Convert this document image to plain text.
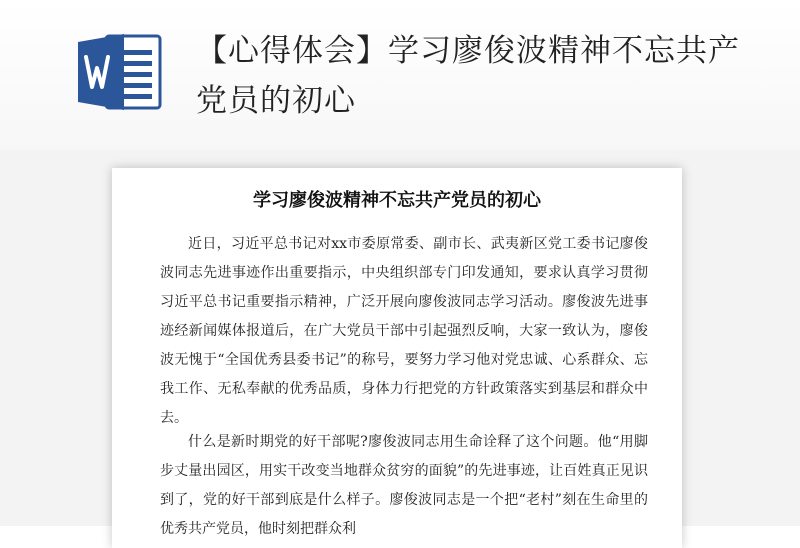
【心得体会】学习廖俊波精神不忘共产党员的初心
学习廖俊波精神不忘共产党员的初心

近日，习近平总书记对xx市委原常委、副市长、武夷新区党工委书记廖俊波同志先进事迹作出重要指示，中央组织部专门印发通知，要求认真学习贯彻习近平总书记重要指示精神，广泛开展向廖俊波同志学习活动。廖俊波先进事迹经新闻媒体报道后，在广大党员干部中引起强烈反响，大家一致认为，廖俊波无愧于“全国优秀县委书记”的称号，要努力学习他对党忠诚、心系群众、忘我工作、无私奉献的优秀品质，身体力行把党的方针政策落实到基层和群众中去。

什么是新时期党的好干部呢?廖俊波同志用生命诠释了这个问题。他“用脚步丈量出园区，用实干改变当地群众贫穷的面貌”的先进事迹，让百姓真正见识到了，党的好干部到底是什么样子。廖俊波同志是一个把“老村”刻在生命里的优秀共产党员，他时刻把群众利
